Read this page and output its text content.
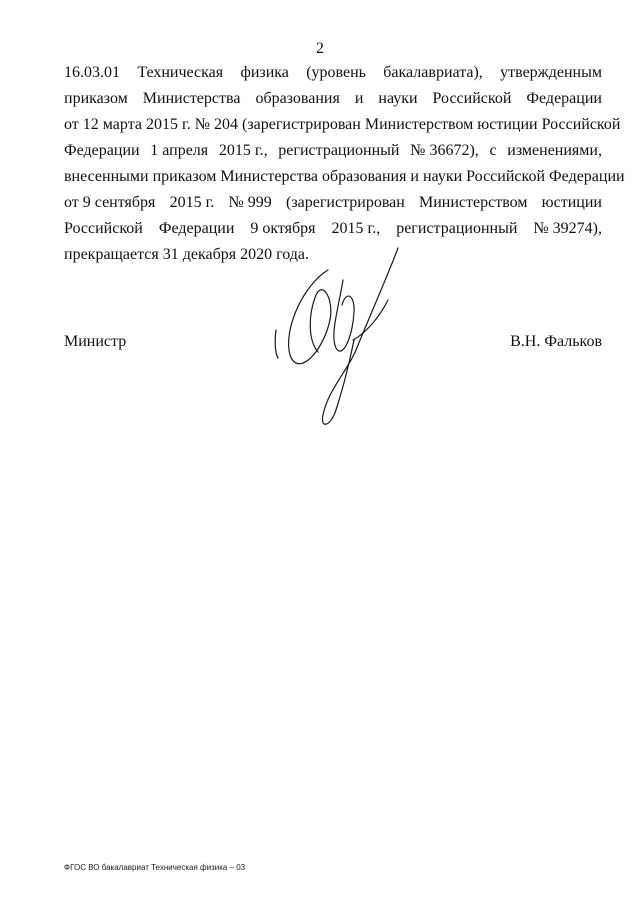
2
16.03.01 Техническая физика (уровень бакалавриата), утвержденным
приказом Министерства образования и науки Российской Федерации
от 12 марта 2015 г. № 204 (зарегистрирован Министерством юстиции Российской
Федерации 1 апреля 2015 г., регистрационный № 36672), с изменениями,
внесенными приказом Министерства образования и науки Российской Федерации
от 9 сентября 2015 г. № 999 (зарегистрирован Министерством юстиции
Российской Федерации 9 октября 2015 г., регистрационный № 39274),
прекращается 31 декабря 2020 года.
Министр	В.Н. Фальков
ФГОС ВО бакалавриат Техническая физика – 03
